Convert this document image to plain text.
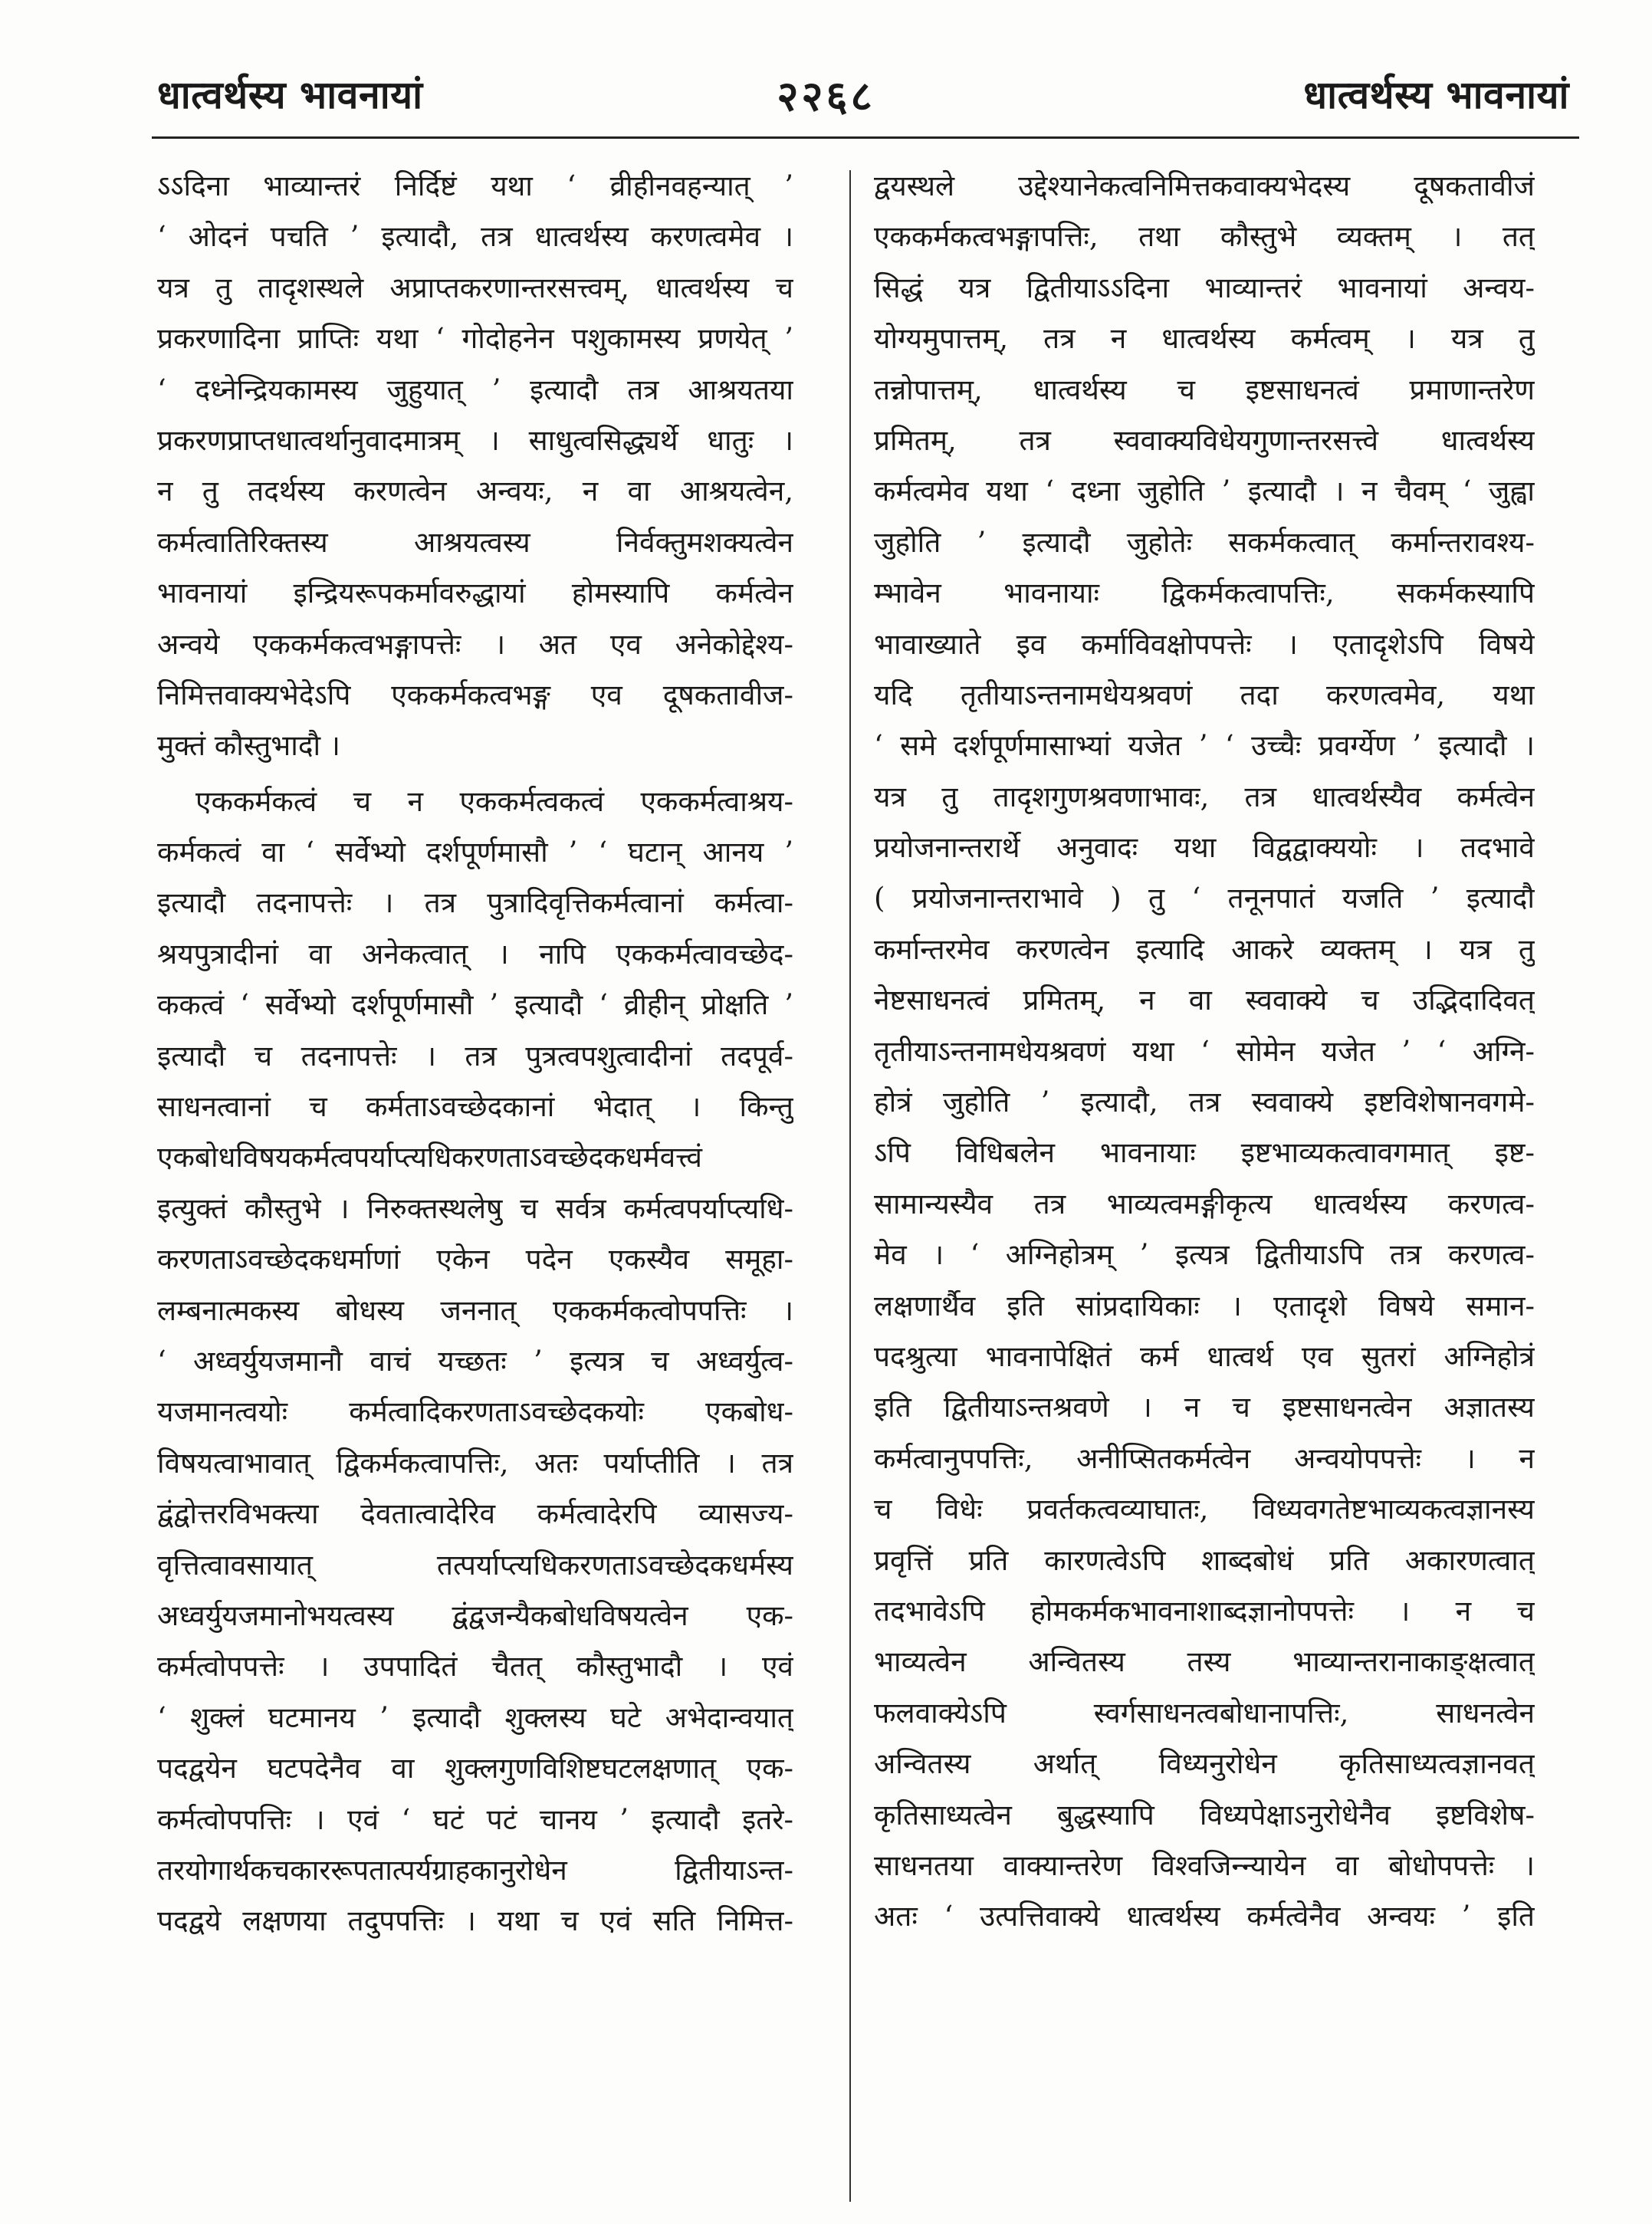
धात्वर्थस्य भावनायां	२२६८	धात्वर्थस्य भावनायां
ऽऽदिना भाव्यान्तरं निर्दिष्टं यथा ‘ व्रीहीनवहन्यात् ’
‘ ओदनं पचति ’ इत्यादौ, तत्र धात्वर्थस्य करणत्वमेव ।
यत्र तु तादृशस्थले अप्राप्तकरणान्तरसत्त्वम्, धात्वर्थस्य च
प्रकरणादिना प्राप्तिः यथा ‘ गोदोहनेन पशुकामस्य प्रणयेत् ’
‘ दध्नेन्द्रियकामस्य जुहुयात् ’ इत्यादौ तत्र आश्रयतया
प्रकरणप्राप्तधात्वर्थानुवादमात्रम् । साधुत्वसिद्ध्यर्थे धातुः ।
न तु तदर्थस्य करणत्वेन अन्वयः, न वा आश्रयत्वेन,
कर्मत्वातिरिक्तस्य आश्रयत्वस्य निर्वक्तुमशक्यत्वेन
भावनायां इन्द्रियरूपकर्मावरुद्धायां होमस्यापि कर्मत्वेन
अन्वये एककर्मकत्वभङ्गापत्तेः । अत एव अनेकोद्देश्य-
निमित्तवाक्यभेदेऽपि एककर्मकत्वभङ्ग एव दूषकतावीज-
मुक्तं कौस्तुभादौ ।
एककर्मकत्वं च न एककर्मत्वकत्वं एककर्मत्वाश्रय-
कर्मकत्वं वा ‘ सर्वेभ्यो दर्शपूर्णमासौ ’ ‘ घटान् आनय ’
इत्यादौ तदनापत्तेः । तत्र पुत्रादिवृत्तिकर्मत्वानां कर्मत्वा-
श्रयपुत्रादीनां वा अनेकत्वात् । नापि एककर्मत्वावच्छेद-
ककत्वं ‘ सर्वेभ्यो दर्शपूर्णमासौ ’ इत्यादौ ‘ व्रीहीन् प्रोक्षति ’
इत्यादौ च तदनापत्तेः । तत्र पुत्रत्वपशुत्वादीनां तदपूर्व-
साधनत्वानां च कर्मताऽवच्छेदकानां भेदात् । किन्तु
एकबोधविषयकर्मत्वपर्याप्त्यधिकरणताऽवच्छेदकधर्मवत्त्वं
इत्युक्तं कौस्तुभे । निरुक्तस्थलेषु च सर्वत्र कर्मत्वपर्याप्त्यधि-
करणताऽवच्छेदकधर्माणां एकेन पदेन एकस्यैव समूहा-
लम्बनात्मकस्य बोधस्य जननात् एककर्मकत्वोपपत्तिः ।
‘ अध्वर्युयजमानौ वाचं यच्छतः ’ इत्यत्र च अध्वर्युत्व-
यजमानत्वयोः कर्मत्वादिकरणताऽवच्छेदकयोः एकबोध-
विषयत्वाभावात् द्विकर्मकत्वापत्तिः, अतः पर्याप्तीति । तत्र
द्वंद्वोत्तरविभक्त्या देवतात्वादेरिव कर्मत्वादेरपि व्यासज्य-
वृत्तित्वावसायात् तत्पर्याप्त्यधिकरणताऽवच्छेदकधर्मस्य
अध्वर्युयजमानोभयत्वस्य द्वंद्वजन्यैकबोधविषयत्वेन एक-
कर्मत्वोपपत्तेः । उपपादितं चैतत् कौस्तुभादौ । एवं
‘ शुक्लं घटमानय ’ इत्यादौ शुक्लस्य घटे अभेदान्वयात्
पदद्वयेन घटपदेनैव वा शुक्लगुणविशिष्टघटलक्षणात् एक-
कर्मत्वोपपत्तिः । एवं ‘ घटं पटं चानय ’ इत्यादौ इतरे-
तरयोगार्थकचकाररूपतात्पर्यग्राहकानुरोधेन द्वितीयाऽन्त-
पदद्वये लक्षणया तदुपपत्तिः । यथा च एवं सति निमित्त-
द्वयस्थले उद्देश्यानेकत्वनिमित्तकवाक्यभेदस्य दूषकतावीजं
एककर्मकत्वभङ्गापत्तिः, तथा कौस्तुभे व्यक्तम् । तत्
सिद्धं यत्र द्वितीयाऽऽदिना भाव्यान्तरं भावनायां अन्वय-
योग्यमुपात्तम्, तत्र न धात्वर्थस्य कर्मत्वम् । यत्र तु
तन्नोपात्तम्, धात्वर्थस्य च इष्टसाधनत्वं प्रमाणान्तरेण
प्रमितम्, तत्र स्ववाक्यविधेयगुणान्तरसत्त्वे धात्वर्थस्य
कर्मत्वमेव यथा ‘ दध्ना जुहोति ’ इत्यादौ । न चैवम् ‘ जुह्वा
जुहोति ’ इत्यादौ जुहोतेः सकर्मकत्वात् कर्मान्तरावश्य-
म्भावेन भावनायाः द्विकर्मकत्वापत्तिः, सकर्मकस्यापि
भावाख्याते इव कर्माविवक्षोपपत्तेः । एतादृशेऽपि विषये
यदि तृतीयाऽन्तनामधेयश्रवणं तदा करणत्वमेव, यथा
‘ समे दर्शपूर्णमासाभ्यां यजेत ’ ‘ उच्चैः प्रवर्ग्येण ’ इत्यादौ ।
यत्र तु तादृशगुणश्रवणाभावः, तत्र धात्वर्थस्यैव कर्मत्वेन
प्रयोजनान्तरार्थे अनुवादः यथा विद्वद्वाक्ययोः । तदभावे
( प्रयोजनान्तराभावे ) तु ‘ तनूनपातं यजति ’ इत्यादौ
कर्मान्तरमेव करणत्वेन इत्यादि आकरे व्यक्तम् । यत्र तु
नेष्टसाधनत्वं प्रमितम्, न वा स्ववाक्ये च उद्भिदादिवत्
तृतीयाऽन्तनामधेयश्रवणं यथा ‘ सोमेन यजेत ’ ‘ अग्नि-
होत्रं जुहोति ’ इत्यादौ, तत्र स्ववाक्ये इष्टविशेषानवगमे-
ऽपि विधिबलेन भावनायाः इष्टभाव्यकत्वावगमात् इष्ट-
सामान्यस्यैव तत्र भाव्यत्वमङ्गीकृत्य धात्वर्थस्य करणत्व-
मेव । ‘ अग्निहोत्रम् ’ इत्यत्र द्वितीयाऽपि तत्र करणत्व-
लक्षणार्थैव इति सांप्रदायिकाः । एतादृशे विषये समान-
पदश्रुत्या भावनापेक्षितं कर्म धात्वर्थ एव सुतरां अग्निहोत्रं
इति द्वितीयाऽन्तश्रवणे । न च इष्टसाधनत्वेन अज्ञातस्य
कर्मत्वानुपपत्तिः, अनीप्सितकर्मत्वेन अन्वयोपपत्तेः । न
च विधेः प्रवर्तकत्वव्याघातः, विध्यवगतेष्टभाव्यकत्वज्ञानस्य
प्रवृत्तिं प्रति कारणत्वेऽपि शाब्दबोधं प्रति अकारणत्वात्
तदभावेऽपि होमकर्मकभावनाशाब्दज्ञानोपपत्तेः । न च
भाव्यत्वेन अन्वितस्य तस्य भाव्यान्तरानाकाङ्क्षत्वात्
फलवाक्येऽपि स्वर्गसाधनत्वबोधानापत्तिः, साधनत्वेन
अन्वितस्य अर्थात् विध्यनुरोधेन कृतिसाध्यत्वज्ञानवत्
कृतिसाध्यत्वेन बुद्धस्यापि विध्यपेक्षाऽनुरोधेनैव इष्टविशेष-
साधनतया वाक्यान्तरेण विश्वजिन्न्यायेन वा बोधोपपत्तेः ।
अतः ‘ उत्पत्तिवाक्ये धात्वर्थस्य कर्मत्वेनैव अन्वयः ’ इति
